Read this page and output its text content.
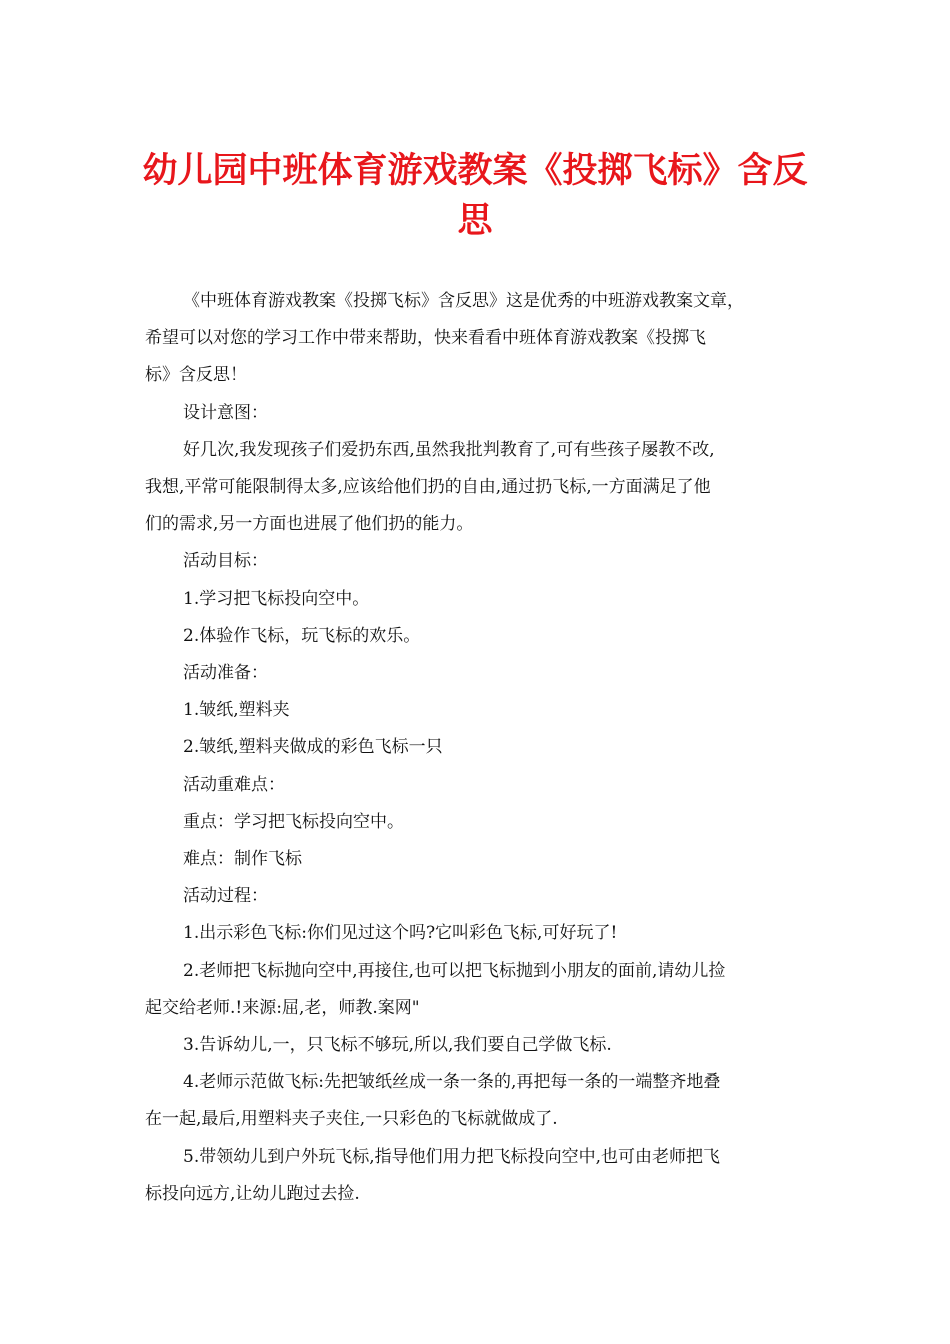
幼儿园中班体育游戏教案《投掷飞标》含反
思
《中班体育游戏教案《投掷飞标》含反思》这是优秀的中班游戏教案文章，
希望可以对您的学习工作中带来帮助，快来看看中班体育游戏教案《投掷飞
标》含反思！
设计意图：
好几次,我发现孩子们爱扔东西,虽然我批判教育了,可有些孩子屡教不改,
我想,平常可能限制得太多,应该给他们扔的自由,通过扔飞标,一方面满足了他
们的需求,另一方面也进展了他们扔的能力。
活动目标：
1.学习把飞标投向空中。
2.体验作飞标，玩飞标的欢乐。
活动准备：
1.皱纸,塑料夹
2.皱纸,塑料夹做成的彩色飞标一只
活动重难点：
重点：学习把飞标投向空中。
难点：制作飞标
活动过程：
1.出示彩色飞标:你们见过这个吗?它叫彩色飞标,可好玩了!
2.老师把飞标抛向空中,再接住,也可以把飞标抛到小朋友的面前,请幼儿捡
起交给老师.!来源:屈,老，师教.案网"
3.告诉幼儿,一，只飞标不够玩,所以,我们要自己学做飞标.
4.老师示范做飞标:先把皱纸丝成一条一条的,再把每一条的一端整齐地叠
在一起,最后,用塑料夹子夹住,一只彩色的飞标就做成了.
5.带领幼儿到户外玩飞标,指导他们用力把飞标投向空中,也可由老师把飞
标投向远方,让幼儿跑过去捡.
